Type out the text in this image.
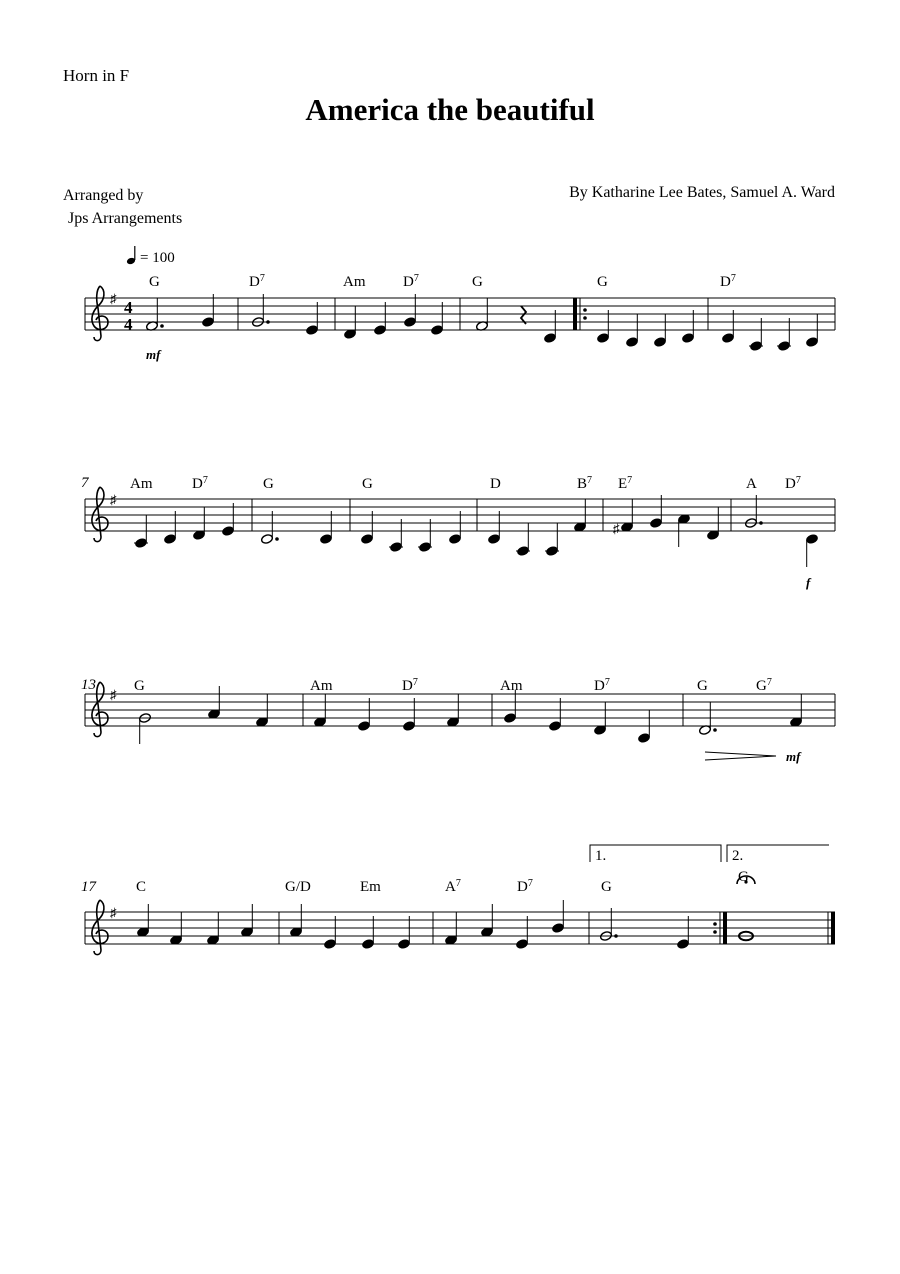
Horn in F
America the beautiful
Arranged by
Jps Arrangements
By Katharine Lee Bates, Samuel A. Ward
= 100
♯ 4
4
G	$D^7$	Am	$D^7$	G	G	$D^7$
mf
7
♯
♯
Am	$D^7$	G	G	D	$B^7$ $E^7$	A $D^7$
f
13
♯
G	Am	$D^7$	Am	$D^7$	G	$G^7$
mf
17
1.	2.
♯
C	G/D	Em	$A^7$	$D^7$	G
G
